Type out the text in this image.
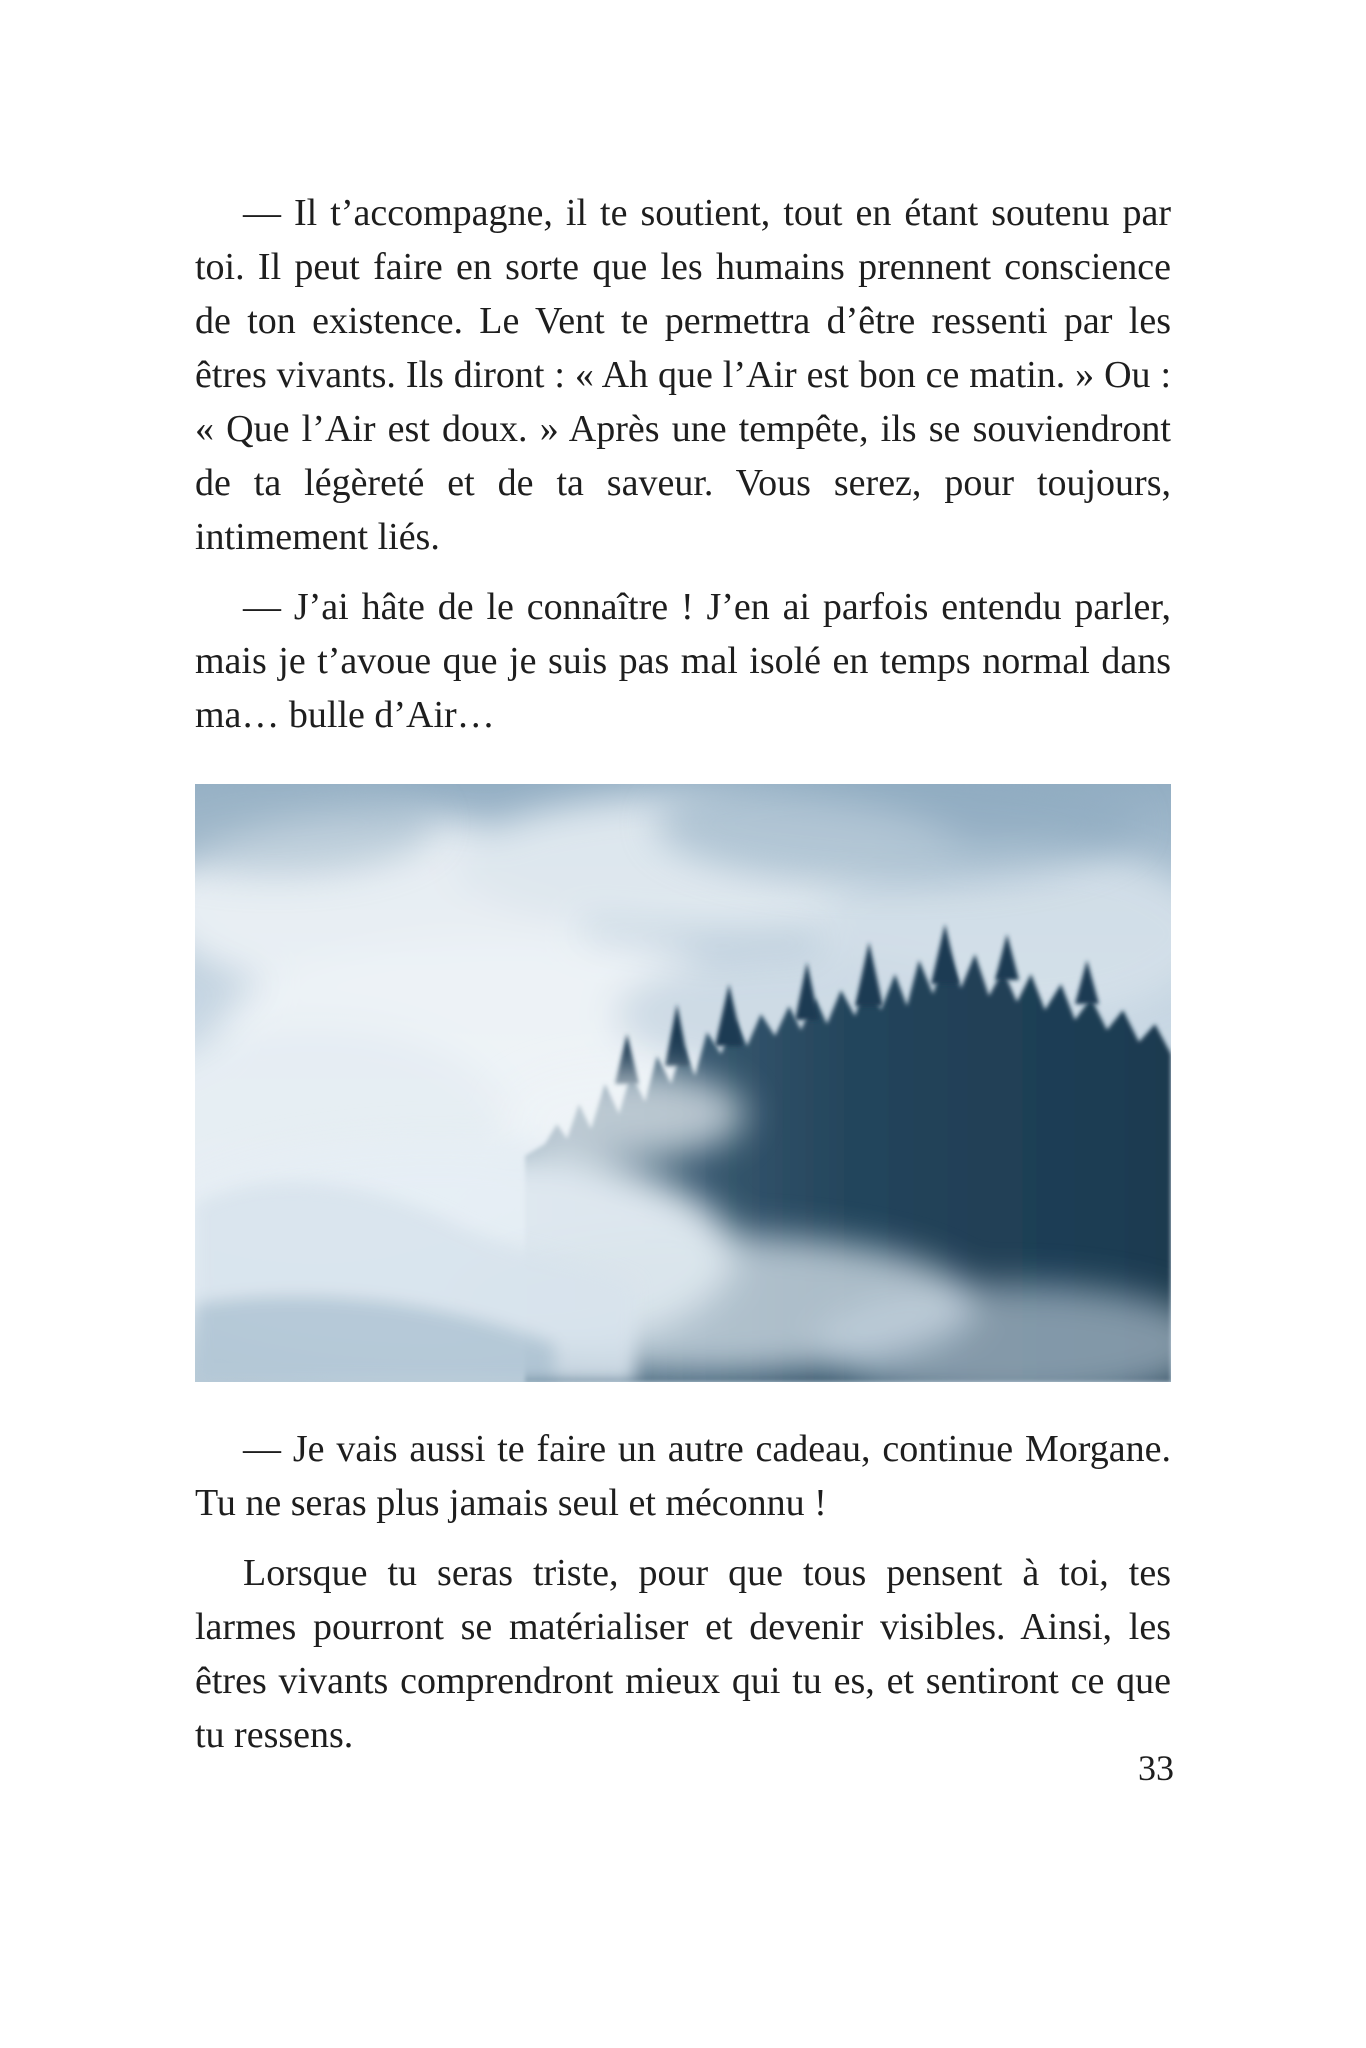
— Il t’accompagne, il te soutient, tout en étant soutenu par toi. Il peut faire en sorte que les humains prennent conscience de ton existence. Le Vent te permettra d’être ressenti par les êtres vivants. Ils diront : « Ah que l’Air est bon ce matin. » Ou : « Que l’Air est doux. » Après une tempête, ils se souviendront de ta légèreté et de ta saveur. Vous serez, pour toujours, intimement liés.

— J’ai hâte de le connaître ! J’en ai parfois entendu parler, mais je t’avoue que je suis pas mal isolé en temps normal dans ma… bulle d’Air…

— Je vais aussi te faire un autre cadeau, continue Morgane. Tu ne seras plus jamais seul et méconnu !

Lorsque tu seras triste, pour que tous pensent à toi, tes larmes pourront se matérialiser et devenir visibles. Ainsi, les êtres vivants comprendront mieux qui tu es, et sentiront ce que tu ressens.

33
